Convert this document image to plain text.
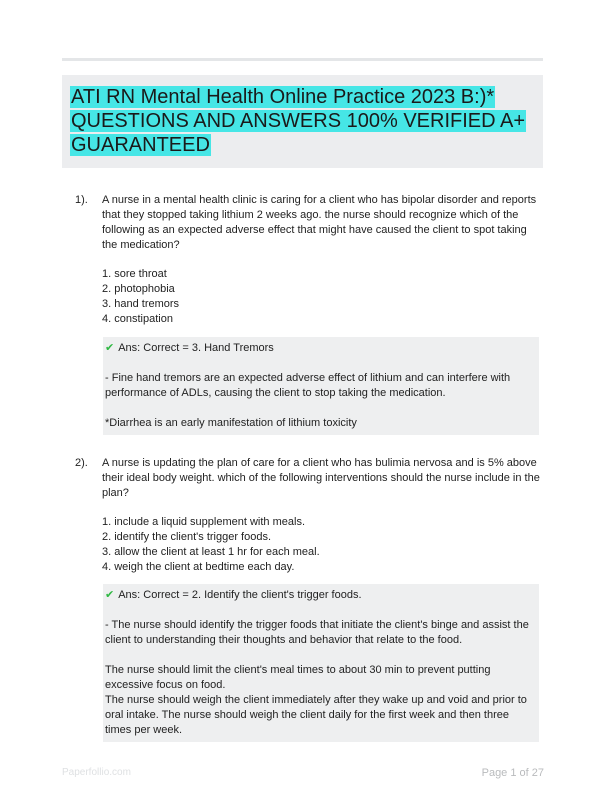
ATI RN Mental Health Online Practice 2023 B:)* QUESTIONS AND ANSWERS 100% VERIFIED A+ GUARANTEED
1). A nurse in a mental health clinic is caring for a client who has bipolar disorder and reports that they stopped taking lithium 2 weeks ago. the nurse should recognize which of the following as an expected adverse effect that might have caused the client to spot taking the medication?

1. sore throat
2. photophobia
3. hand tremors
4. constipation

✔ Ans: Correct = 3. Hand Tremors

- Fine hand tremors are an expected adverse effect of lithium and can interfere with performance of ADLs, causing the client to stop taking the medication.

*Diarrhea is an early manifestation of lithium toxicity

2). A nurse is updating the plan of care for a client who has bulimia nervosa and is 5% above their ideal body weight. which of the following interventions should the nurse include in the plan?

1. include a liquid supplement with meals.
2. identify the client's trigger foods.
3. allow the client at least 1 hr for each meal.
4. weigh the client at bedtime each day.

✔ Ans: Correct = 2. Identify the client's trigger foods.

- The nurse should identify the trigger foods that initiate the client's binge and assist the client to understanding their thoughts and behavior that relate to the food.

The nurse should limit the client's meal times to about 30 min to prevent putting excessive focus on food.

The nurse should weigh the client immediately after they wake up and void and prior to oral intake. The nurse should weigh the client daily for the first week and then three times per week.

Paperfollio.com	Page 1 of 27
